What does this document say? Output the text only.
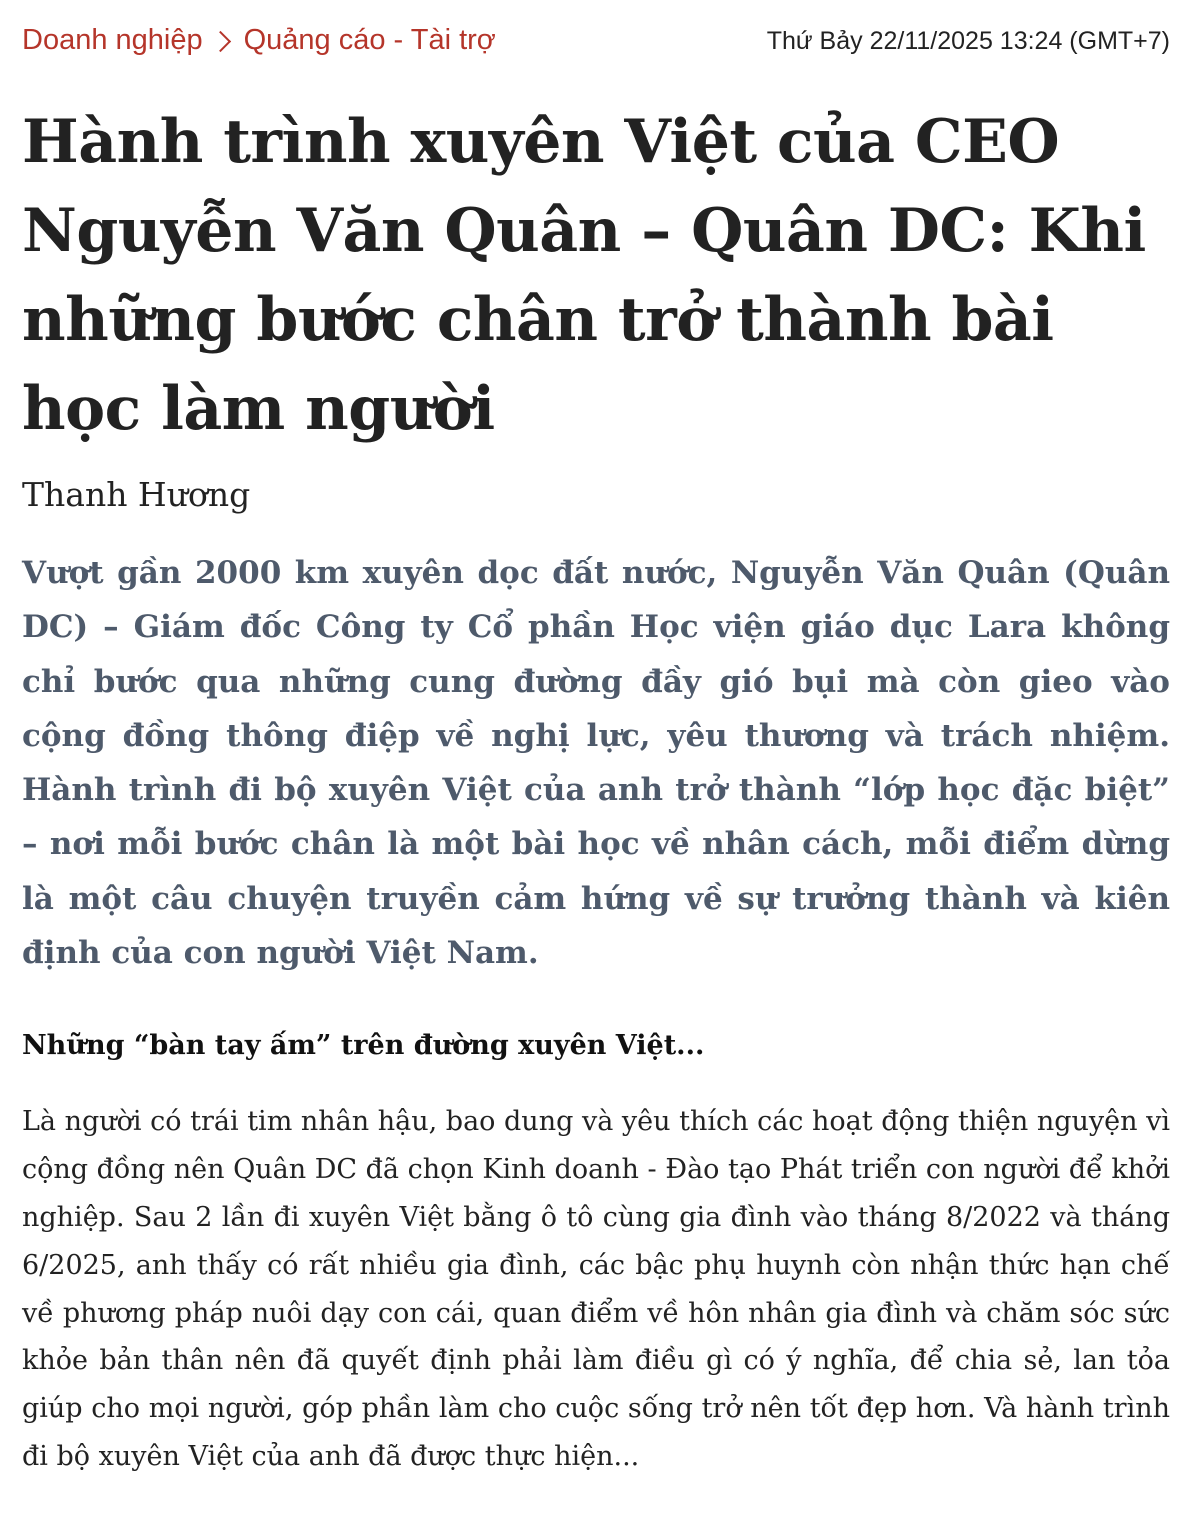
Doanh nghiệp Quảng cáo - Tài trợ	Thứ Bảy 22/11/2025 13:24 (GMT+7)
Hành trình xuyên Việt của CEO Nguyễn Văn Quân – Quân DC: Khi những bước chân trở thành bài học làm người
Thanh Hương

Vượt gần 2000 km xuyên dọc đất nước, Nguyễn Văn Quân (Quân DC) – Giám đốc Công ty Cổ phần Học viện giáo dục Lara không chỉ bước qua những cung đường đầy gió bụi mà còn gieo vào cộng đồng thông điệp về nghị lực, yêu thương và trách nhiệm. Hành trình đi bộ xuyên Việt của anh trở thành “lớp học đặc biệt” – nơi mỗi bước chân là một bài học về nhân cách, mỗi điểm dừng là một câu chuyện truyền cảm hứng về sự trưởng thành và kiên định của con người Việt Nam.

Những “bàn tay ấm” trên đường xuyên Việt...

Là người có trái tim nhân hậu, bao dung và yêu thích các hoạt động thiện nguyện vì cộng đồng nên Quân DC đã chọn Kinh doanh - Đào tạo Phát triển con người để khởi nghiệp. Sau 2 lần đi xuyên Việt bằng ô tô cùng gia đình vào tháng 8/2022 và tháng 6/2025, anh thấy có rất nhiều gia đình, các bậc phụ huynh còn nhận thức hạn chế về phương pháp nuôi dạy con cái, quan điểm về hôn nhân gia đình và chăm sóc sức khỏe bản thân nên đã quyết định phải làm điều gì có ý nghĩa, để chia sẻ, lan tỏa giúp cho mọi người, góp phần làm cho cuộc sống trở nên tốt đẹp hơn. Và hành trình đi bộ xuyên Việt của anh đã được thực hiện...
